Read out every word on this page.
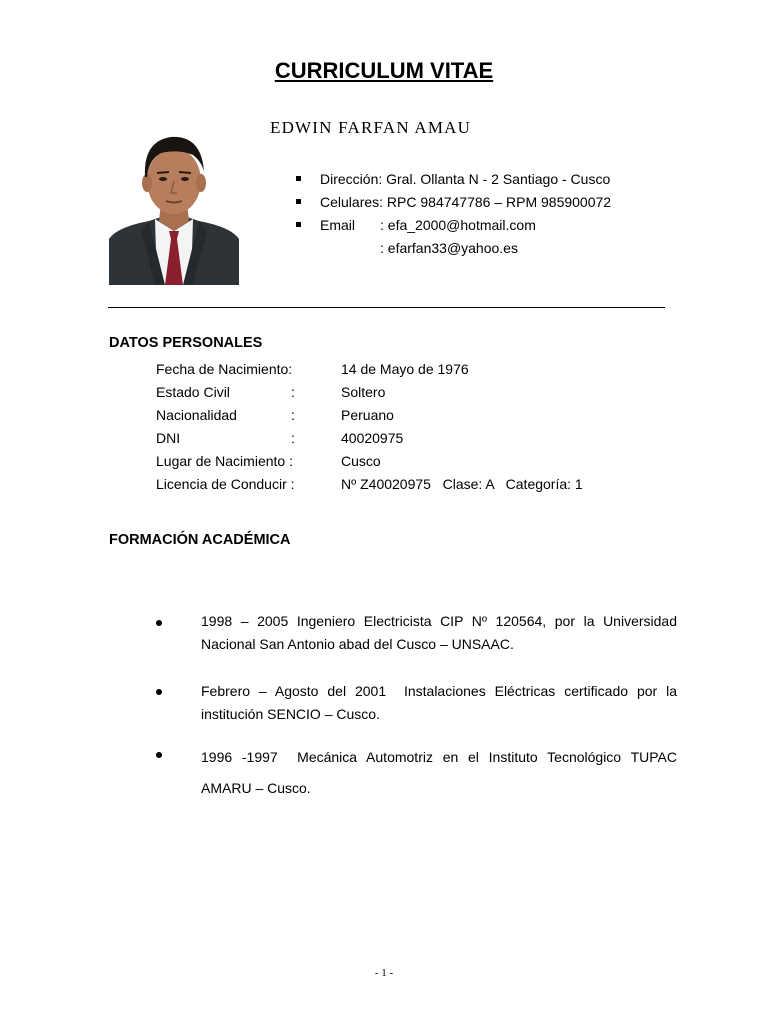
CURRICULUM VITAE
EDWIN FARFAN AMAU
Dirección: Gral. Ollanta N - 2 Santiago - Cusco
Celulares: RPC 984747786 – RPM 985900072
Email : efa_2000@hotmail.com
: efarfan33@yahoo.es
DATOS PERSONALES
Fecha de Nacimiento:	14 de Mayo de 1976
Estado Civil	:	Soltero
Nacionalidad	:	Peruano
DNI	:	40020975
Lugar de Nacimiento :	Cusco
Licencia de Conducir :	Nº Z40020975   Clase: A   Categoría: 1
FORMACIÓN ACADÉMICA
1998 – 2005 Ingeniero Electricista CIP Nº 120564, por la Universidad Nacional San Antonio abad del Cusco – UNSAAC.
Febrero – Agosto del 2001  Instalaciones Eléctricas certificado por la institución SENCIO – Cusco.
1996 -1997  Mecánica Automotriz en el Instituto Tecnológico TUPAC AMARU – Cusco.
- 1 -
